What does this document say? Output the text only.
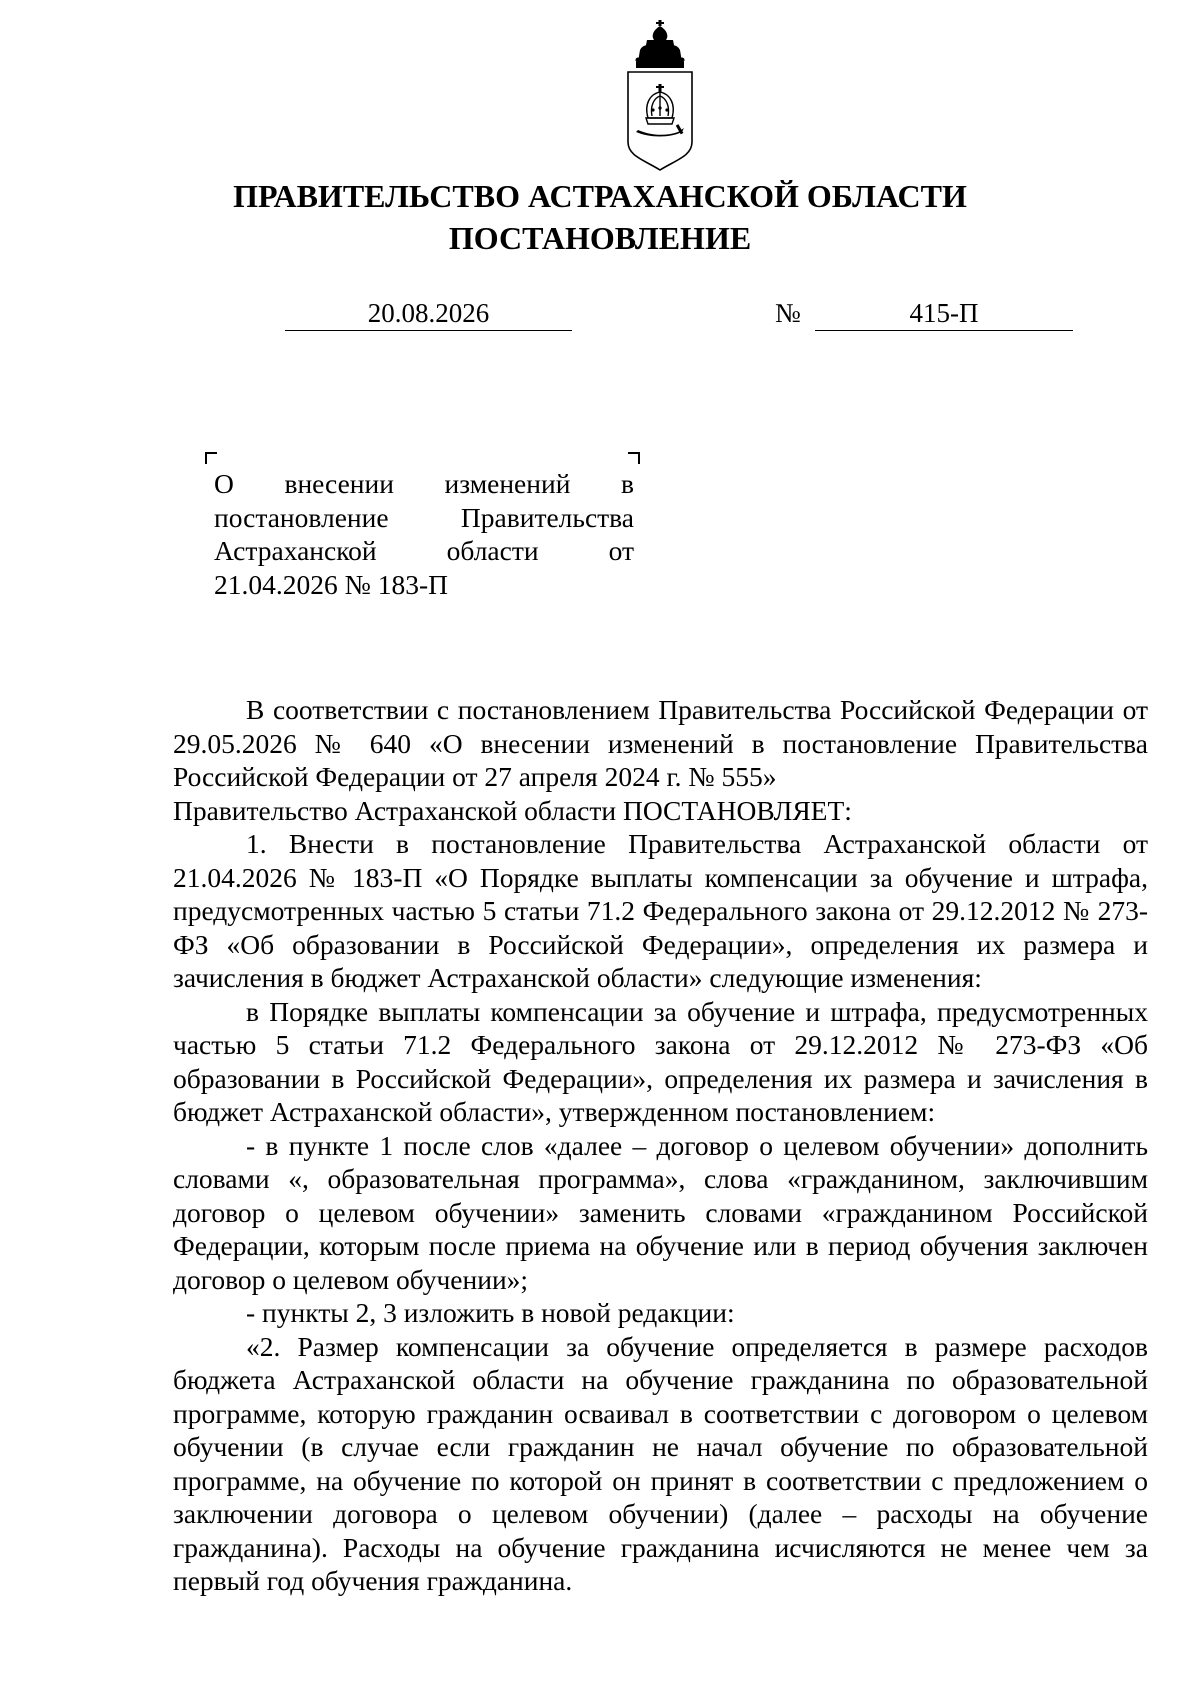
ПРАВИТЕЛЬСТВО АСТРАХАНСКОЙ ОБЛАСТИ
ПОСТАНОВЛЕНИЕ
20.08.2026	№	415-П
О внесении изменений в постановление Правительства Астраханской области от 21.04.2026 № 183-П

В соответствии с постановлением Правительства Российской Федерации от 29.05.2026 № 640 «О внесении изменений в постановление Правительства Российской Федерации от 27 апреля 2024 г. № 555»

Правительство Астраханской области ПОСТАНОВЛЯЕТ:

1. Внести в постановление Правительства Астраханской области от 21.04.2026 № 183-П «О Порядке выплаты компенсации за обучение и штрафа, предусмотренных частью 5 статьи 71.2 Федерального закона от 29.12.2012 № 273-ФЗ «Об образовании в Российской Федерации», определения их размера и зачисления в бюджет Астраханской области» следующие изменения:

в Порядке выплаты компенсации за обучение и штрафа, предусмотренных частью 5 статьи 71.2 Федерального закона от 29.12.2012 № 273-ФЗ «Об образовании в Российской Федерации», определения их размера и зачисления в бюджет Астраханской области», утвержденном постановлением:

- в пункте 1 после слов «далее – договор о целевом обучении» дополнить словами «, образовательная программа», слова «гражданином, заключившим договор о целевом обучении» заменить словами «гражданином Российской Федерации, которым после приема на обучение или в период обучения заключен договор о целевом обучении»;

- пункты 2, 3 изложить в новой редакции:

«2. Размер компенсации за обучение определяется в размере расходов бюджета Астраханской области на обучение гражданина по образовательной программе, которую гражданин осваивал в соответствии с договором о целевом обучении (в случае если гражданин не начал обучение по образовательной программе, на обучение по которой он принят в соответствии с предложением о заключении договора о целевом обучении) (далее – расходы на обучение гражданина). Расходы на обучение гражданина исчисляются не менее чем за первый год обучения гражданина.
